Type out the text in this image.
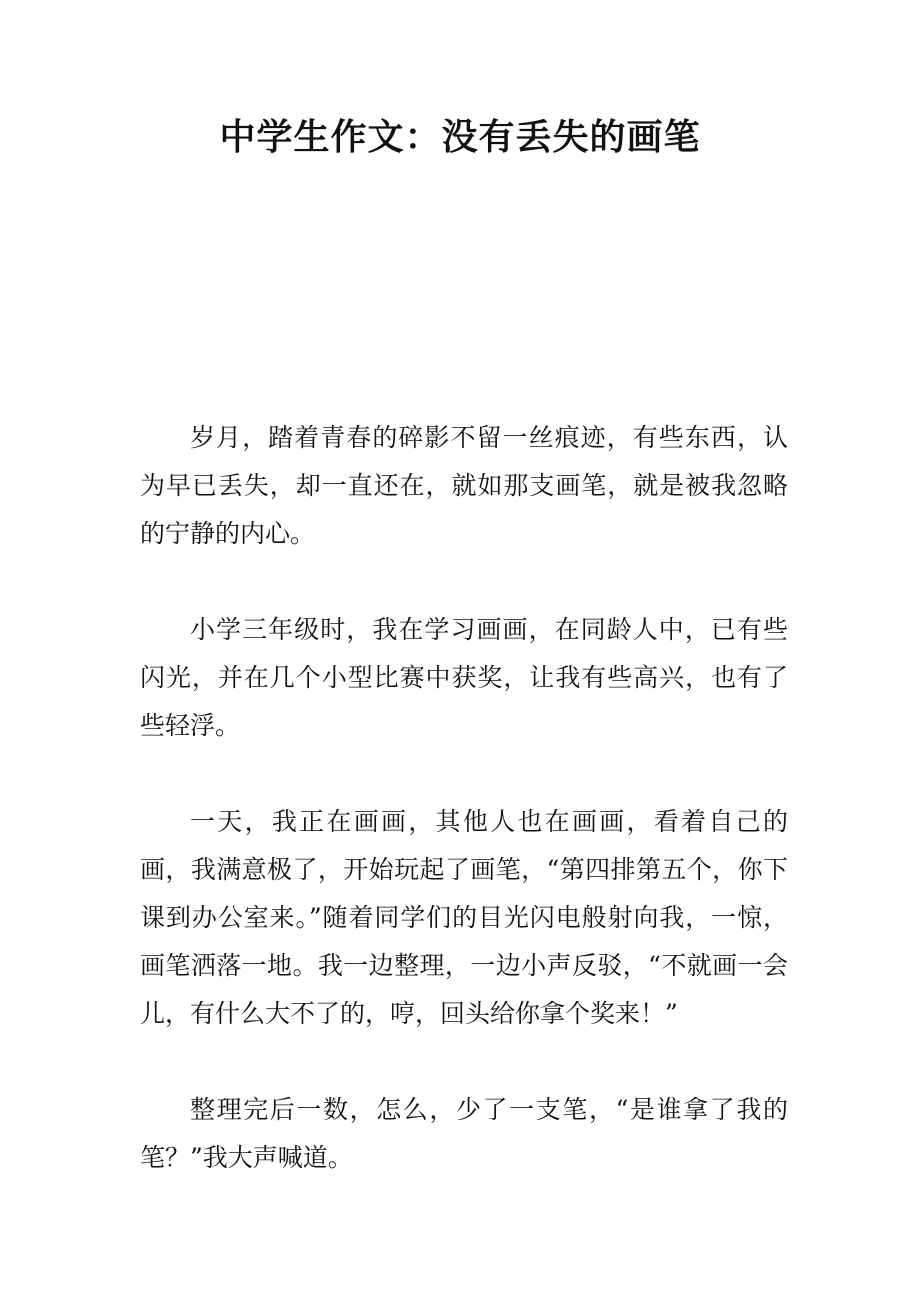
中学生作文：没有丢失的画笔

岁月，踏着青春的碎影不留一丝痕迹，有些东西，认为早已丢失，却一直还在，就如那支画笔，就是被我忽略的宁静的内心。

小学三年级时，我在学习画画，在同龄人中，已有些闪光，并在几个小型比赛中获奖，让我有些高兴，也有了些轻浮。

一天，我正在画画，其他人也在画画，看着自己的画，我满意极了，开始玩起了画笔，“第四排第五个，你下课到办公室来。”随着同学们的目光闪电般射向我，一惊，画笔洒落一地。我一边整理，一边小声反驳，“不就画一会儿，有什么大不了的，哼，回头给你拿个奖来！”

整理完后一数，怎么，少了一支笔，“是谁拿了我的笔？”我大声喊道。
